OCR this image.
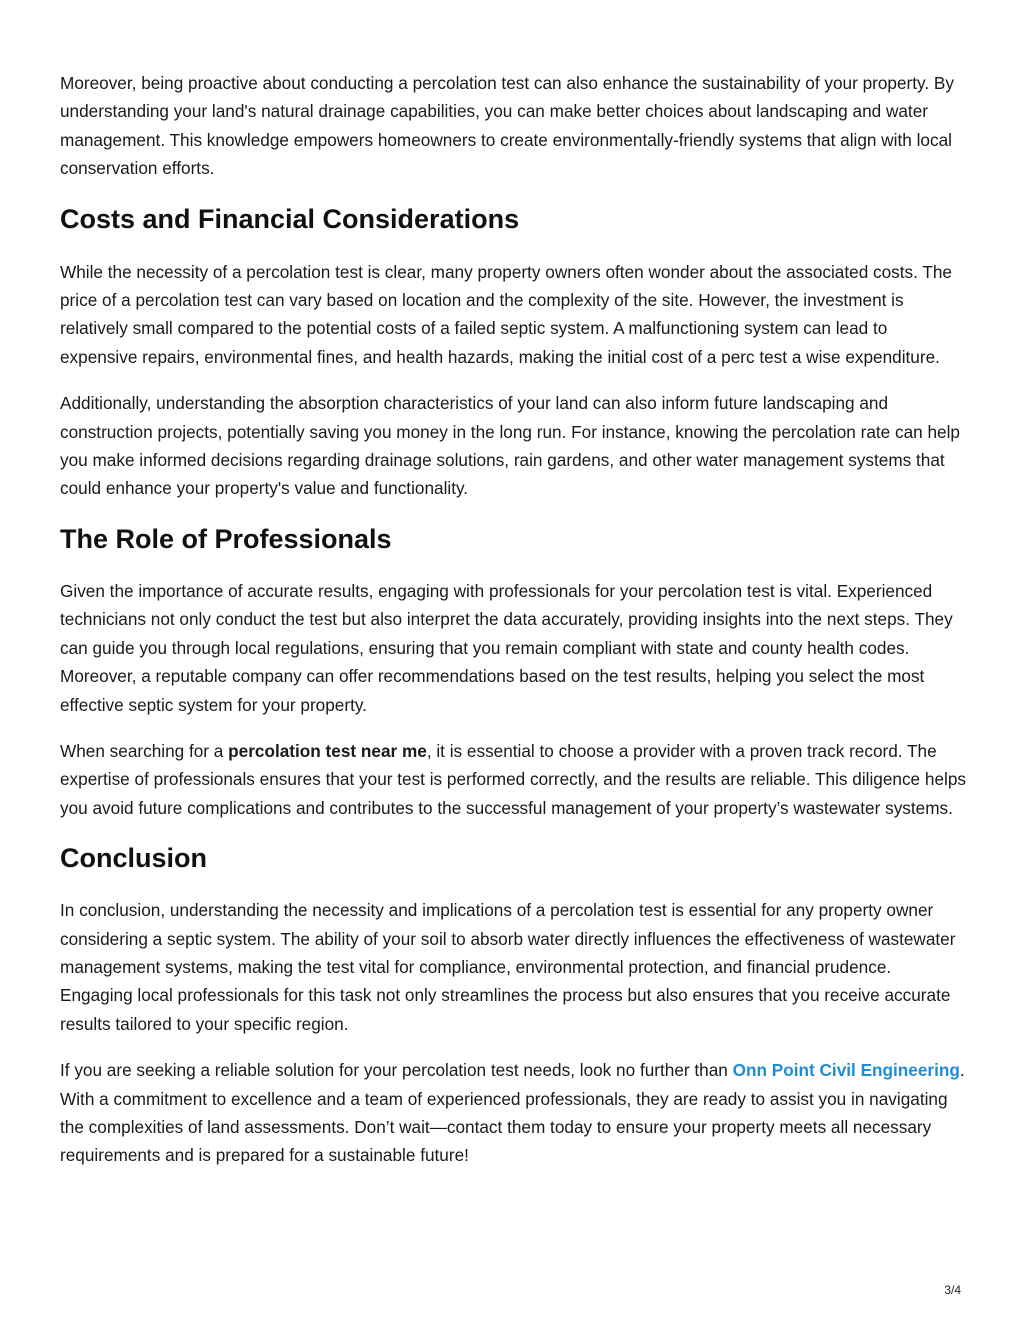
Moreover, being proactive about conducting a percolation test can also enhance the sustainability of your property. By understanding your land's natural drainage capabilities, you can make better choices about landscaping and water management. This knowledge empowers homeowners to create environmentally-friendly systems that align with local conservation efforts.

Costs and Financial Considerations

While the necessity of a percolation test is clear, many property owners often wonder about the associated costs. The price of a percolation test can vary based on location and the complexity of the site. However, the investment is relatively small compared to the potential costs of a failed septic system. A malfunctioning system can lead to expensive repairs, environmental fines, and health hazards, making the initial cost of a perc test a wise expenditure.

Additionally, understanding the absorption characteristics of your land can also inform future landscaping and construction projects, potentially saving you money in the long run. For instance, knowing the percolation rate can help you make informed decisions regarding drainage solutions, rain gardens, and other water management systems that could enhance your property's value and functionality.

The Role of Professionals

Given the importance of accurate results, engaging with professionals for your percolation test is vital. Experienced technicians not only conduct the test but also interpret the data accurately, providing insights into the next steps. They can guide you through local regulations, ensuring that you remain compliant with state and county health codes. Moreover, a reputable company can offer recommendations based on the test results, helping you select the most effective septic system for your property.

When searching for a percolation test near me, it is essential to choose a provider with a proven track record. The expertise of professionals ensures that your test is performed correctly, and the results are reliable. This diligence helps you avoid future complications and contributes to the successful management of your property’s wastewater systems.

Conclusion

In conclusion, understanding the necessity and implications of a percolation test is essential for any property owner considering a septic system. The ability of your soil to absorb water directly influences the effectiveness of wastewater management systems, making the test vital for compliance, environmental protection, and financial prudence. Engaging local professionals for this task not only streamlines the process but also ensures that you receive accurate results tailored to your specific region.

If you are seeking a reliable solution for your percolation test needs, look no further than Onn Point Civil Engineering. With a commitment to excellence and a team of experienced professionals, they are ready to assist you in navigating the complexities of land assessments. Don’t wait—contact them today to ensure your property meets all necessary requirements and is prepared for a sustainable future!

3/4
